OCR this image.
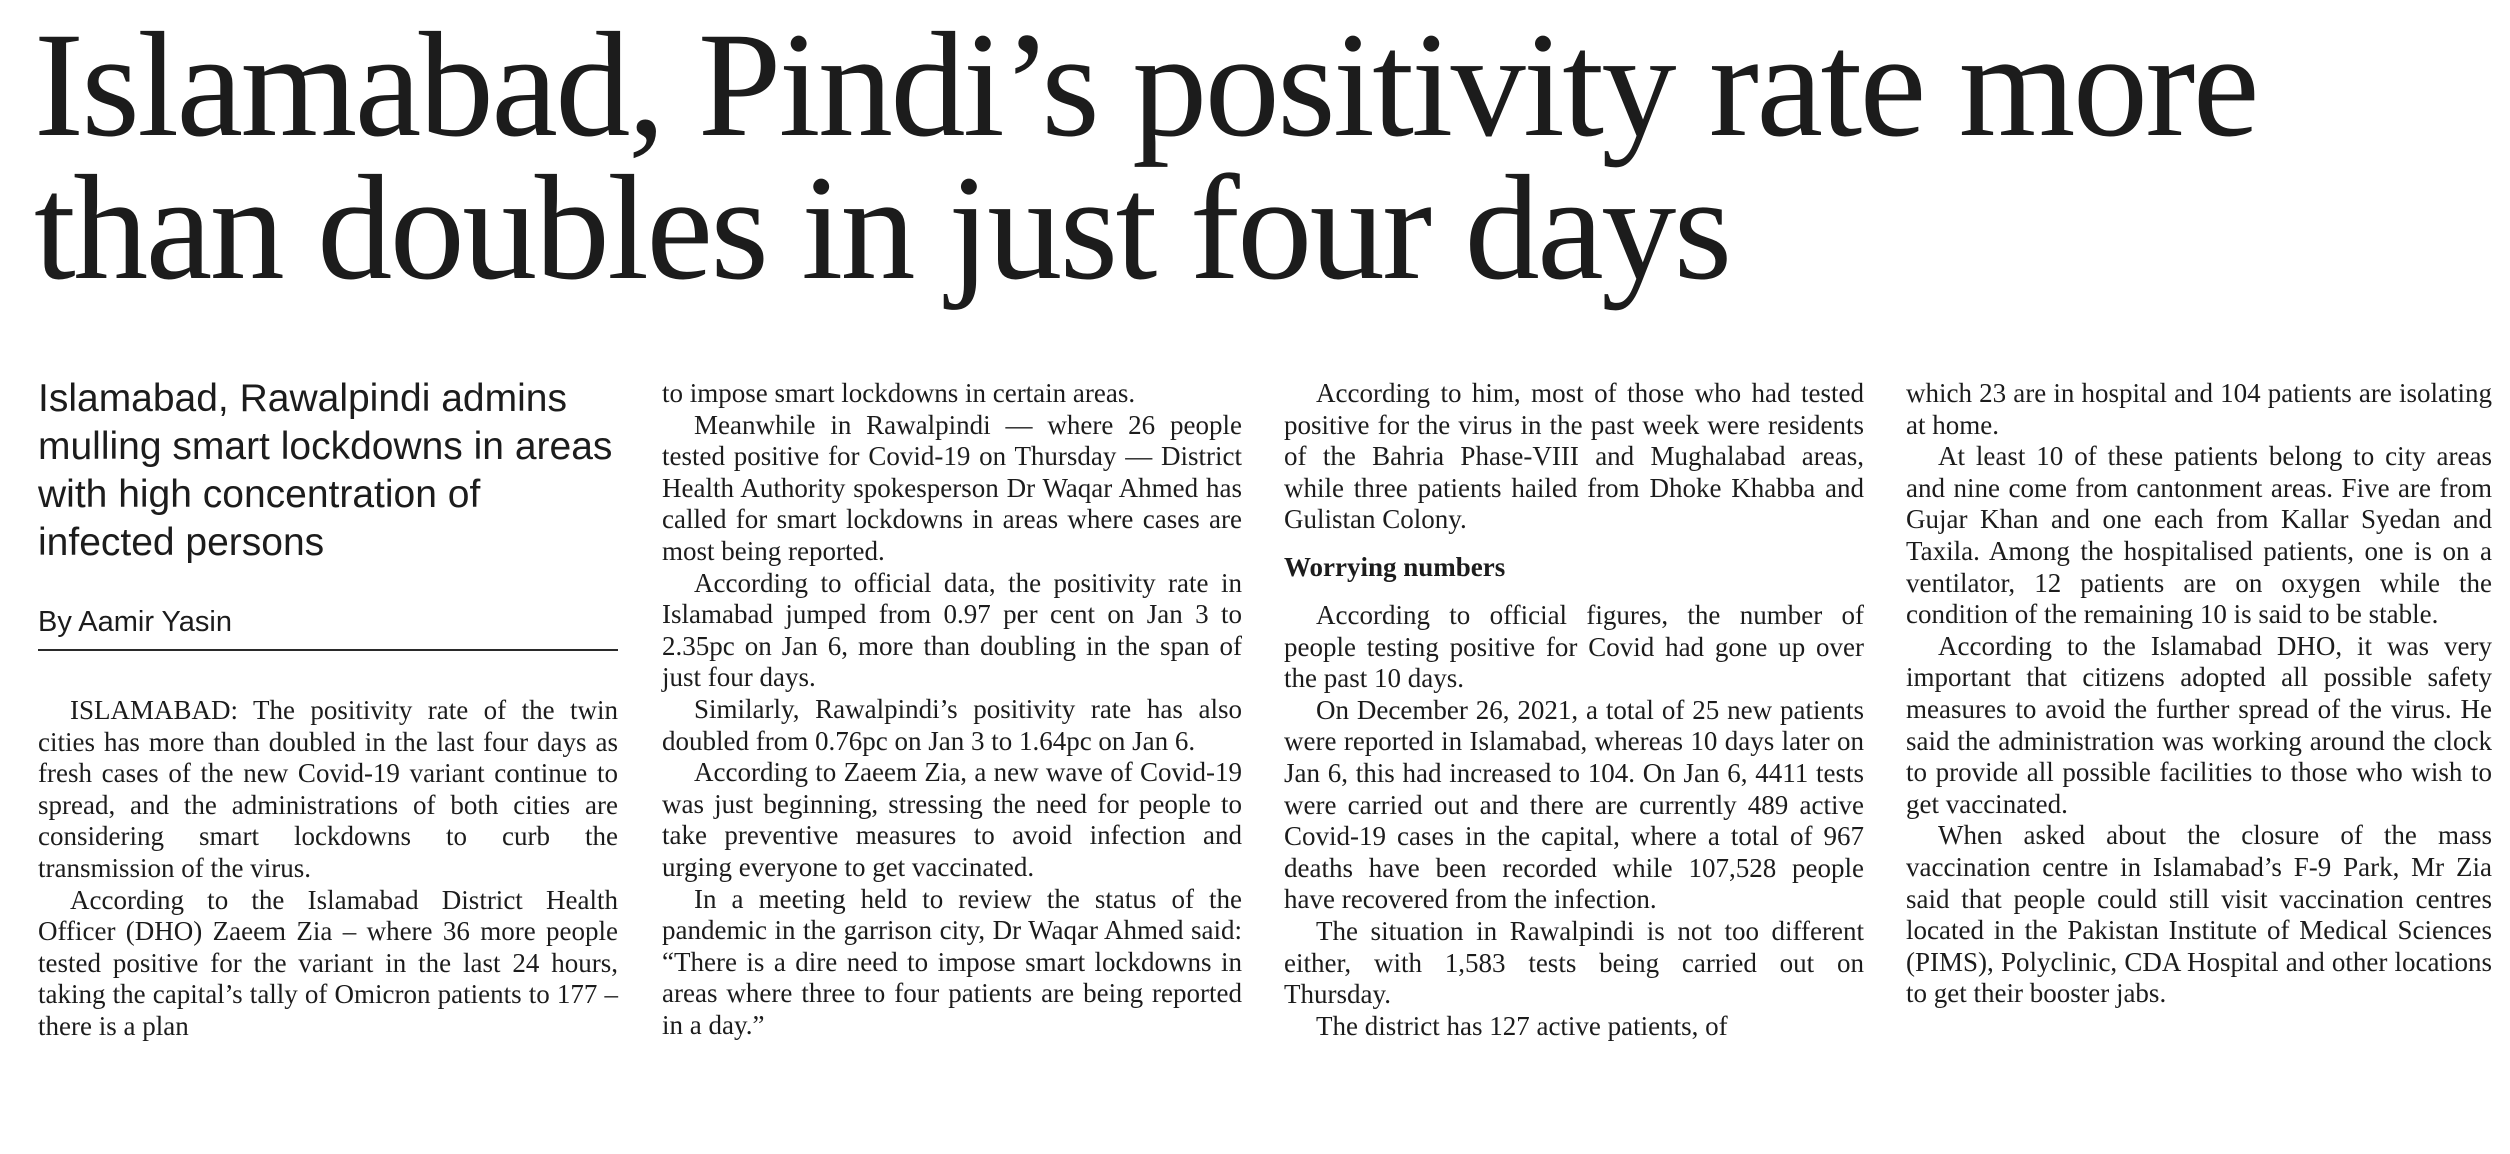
Islamabad, Pindi’s positivity rate more than doubles in just four days
Islamabad, Rawalpindi admins mulling smart lockdowns in areas with high concentration of infected persons
By Aamir Yasin

ISLAMABAD: The positivity rate of the twin cities has more than doubled in the last four days as fresh cases of the new Covid-19 variant continue to spread, and the administrations of both cities are considering smart lockdowns to curb the transmission of the virus.

According to the Islamabad District Health Officer (DHO) Zaeem Zia – where 36 more people tested positive for the variant in the last 24 hours, taking the capital’s tally of Omicron patients to 177 – there is a plan

to impose smart lockdowns in certain areas.

Meanwhile in Rawalpindi — where 26 people tested positive for Covid-19 on Thursday — District Health Authority spokesperson Dr Waqar Ahmed has called for smart lockdowns in areas where cases are most being reported.

According to official data, the positivity rate in Islamabad jumped from 0.97 per cent on Jan 3 to 2.35pc on Jan 6, more than doubling in the span of just four days.

Similarly, Rawalpindi’s positivity rate has also doubled from 0.76pc on Jan 3 to 1.64pc on Jan 6.

According to Zaeem Zia, a new wave of Covid-19 was just beginning, stressing the need for people to take preventive measures to avoid infection and urging everyone to get vaccinated.

In a meeting held to review the status of the pandemic in the garrison city, Dr Waqar Ahmed said: “There is a dire need to impose smart lockdowns in areas where three to four patients are being reported in a day.”

According to him, most of those who had tested positive for the virus in the past week were residents of the Bahria Phase-VIII and Mughalabad areas, while three patients hailed from Dhoke Khabba and Gulistan Colony.

Worrying numbers

According to official figures, the number of people testing positive for Covid had gone up over the past 10 days.

On December 26, 2021, a total of 25 new patients were reported in Islamabad, whereas 10 days later on Jan 6, this had increased to 104. On Jan 6, 4411 tests were carried out and there are currently 489 active Covid-19 cases in the capital, where a total of 967 deaths have been recorded while 107,528 people have recovered from the infection.

The situation in Rawalpindi is not too different either, with 1,583 tests being carried out on Thursday.

The district has 127 active patients, of

which 23 are in hospital and 104 patients are isolating at home.

At least 10 of these patients belong to city areas and nine come from cantonment areas. Five are from Gujar Khan and one each from Kallar Syedan and Taxila. Among the hospitalised patients, one is on a ventilator, 12 patients are on oxygen while the condition of the remaining 10 is said to be stable.

According to the Islamabad DHO, it was very important that citizens adopted all possible safety measures to avoid the further spread of the virus. He said the administration was working around the clock to provide all possible facilities to those who wish to get vaccinated.

When asked about the closure of the mass vaccination centre in Islamabad’s F-9 Park, Mr Zia said that people could still visit vaccination centres located in the Pakistan Institute of Medical Sciences (PIMS), Polyclinic, CDA Hospital and other locations to get their booster jabs.
